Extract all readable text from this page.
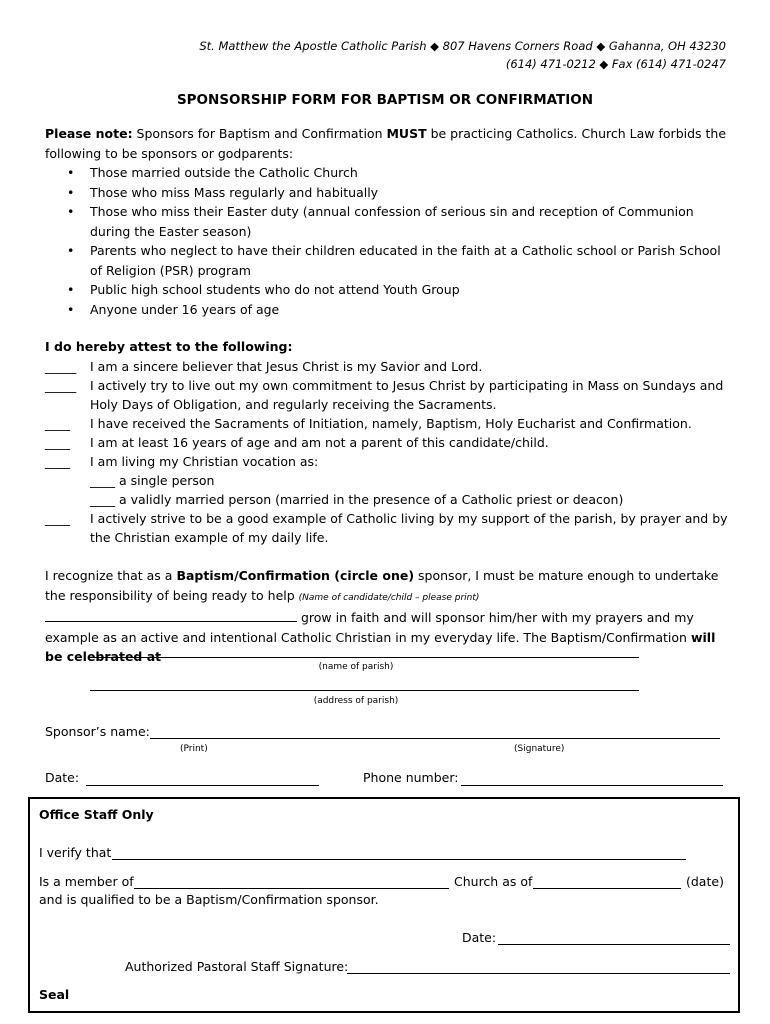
St. Matthew the Apostle Catholic Parish ◆ 807 Havens Corners Road ◆ Gahanna, OH 43230
(614) 471-0212 ◆ Fax (614) 471-0247
SPONSORSHIP FORM FOR BAPTISM OR CONFIRMATION
Please note: Sponsors for Baptism and Confirmation MUST be practicing Catholics. Church Law forbids the following to be sponsors or godparents:
• Those married outside the Catholic Church
• Those who miss Mass regularly and habitually
• Those who miss their Easter duty (annual confession of serious sin and reception of Communion during the Easter season)
• Parents who neglect to have their children educated in the faith at a Catholic school or Parish School of Religion (PSR) program
• Public high school students who do not attend Youth Group
• Anyone under 16 years of age
I do hereby attest to the following:
_____	I am a sincere believer that Jesus Christ is my Savior and Lord.
_____	I actively try to live out my own commitment to Jesus Christ by participating in Mass on Sundays and Holy Days of Obligation, and regularly receiving the Sacraments.
____	I have received the Sacraments of Initiation, namely, Baptism, Holy Eucharist and Confirmation.
____	I am at least 16 years of age and am not a parent of this candidate/child.
____	I am living my Christian vocation as:
____ a single person
____ a validly married person (married in the presence of a Catholic priest or deacon)
____	I actively strive to be a good example of Catholic living by my support of the parish, by prayer and by the Christian example of my daily life.
I recognize that as a Baptism/Confirmation (circle one) sponsor, I must be mature enough to undertake the responsibility of being ready to help (Name of candidate/child – please print)  grow in faith and will sponsor him/her with my prayers and my example as an active and intentional Catholic Christian in my everyday life. The Baptism/Confirmation will be celebrated at
(name of parish)
(address of parish)
Sponsor’s name:
(Print)	(Signature)
Date:	Phone number:
Office Staff Only
I verify that
Is a member of	Church as of	(date)
and is qualified to be a Baptism/Confirmation sponsor.
Date:
Authorized Pastoral Staff Signature:
Seal
